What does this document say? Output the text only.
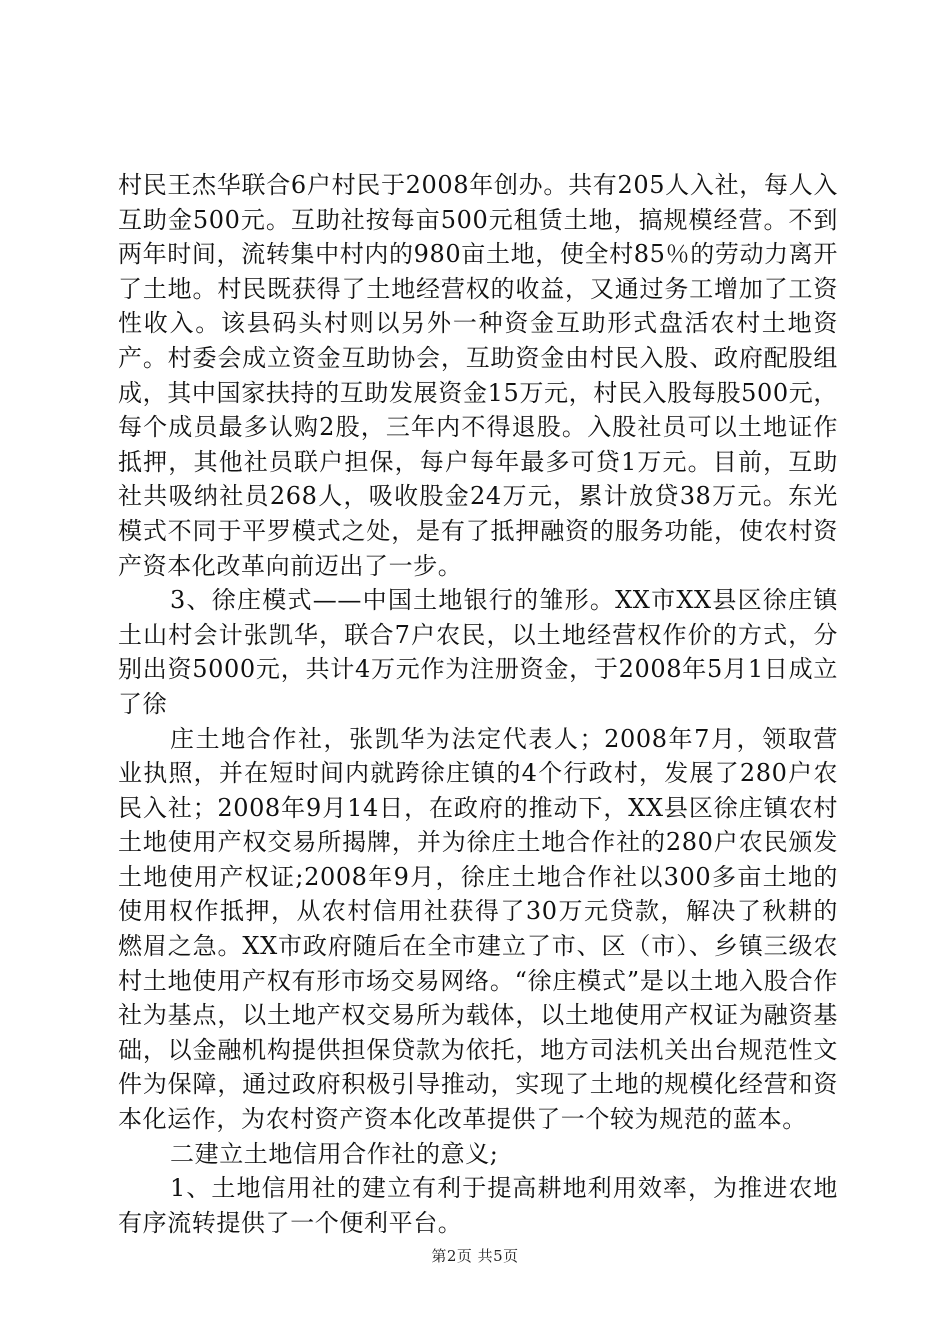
村民王杰华联合6户村民于2008年创办。共有205人入社，每人入互助金500元。互助社按每亩500元租赁土地，搞规模经营。不到两年时间，流转集中村内的980亩土地，使全村85％的劳动力离开了土地。村民既获得了土地经营权的收益，又通过务工增加了工资性收入。该县码头村则以另外一种资金互助形式盘活农村土地资产。村委会成立资金互助协会，互助资金由村民入股、政府配股组成，其中国家扶持的互助发展资金15万元，村民入股每股500元，每个成员最多认购2股，三年内不得退股。入股社员可以土地证作抵押，其他社员联户担保，每户每年最多可贷1万元。目前，互助社共吸纳社员268人，吸收股金24万元，累计放贷38万元。东光模式不同于平罗模式之处，是有了抵押融资的服务功能，使农村资产资本化改革向前迈出了一步。

3、徐庄模式——中国土地银行的雏形。XX市XX县区徐庄镇土山村会计张凯华，联合7户农民，以土地经营权作价的方式，分别出资5000元，共计4万元作为注册资金，于2008年5月1日成立了徐

庄土地合作社，张凯华为法定代表人；2008年7月，领取营业执照，并在短时间内就跨徐庄镇的4个行政村，发展了280户农民入社；2008年9月14日，在政府的推动下，XX县区徐庄镇农村土地使用产权交易所揭牌，并为徐庄土地合作社的280户农民颁发土地使用产权证;2008年9月，徐庄土地合作社以300多亩土地的使用权作抵押，从农村信用社获得了30万元贷款，解决了秋耕的燃眉之急。XX市政府随后在全市建立了市、区（市）、乡镇三级农村土地使用产权有形市场交易网络。“徐庄模式”是以土地入股合作社为基点，以土地产权交易所为载体，以土地使用产权证为融资基础，以金融机构提供担保贷款为依托，地方司法机关出台规范性文件为保障，通过政府积极引导推动，实现了土地的规模化经营和资本化运作，为农村资产资本化改革提供了一个较为规范的蓝本。

二建立土地信用合作社的意义;

1、土地信用社的建立有利于提高耕地利用效率，为推进农地有序流转提供了一个便利平台。

第2页 共5页
